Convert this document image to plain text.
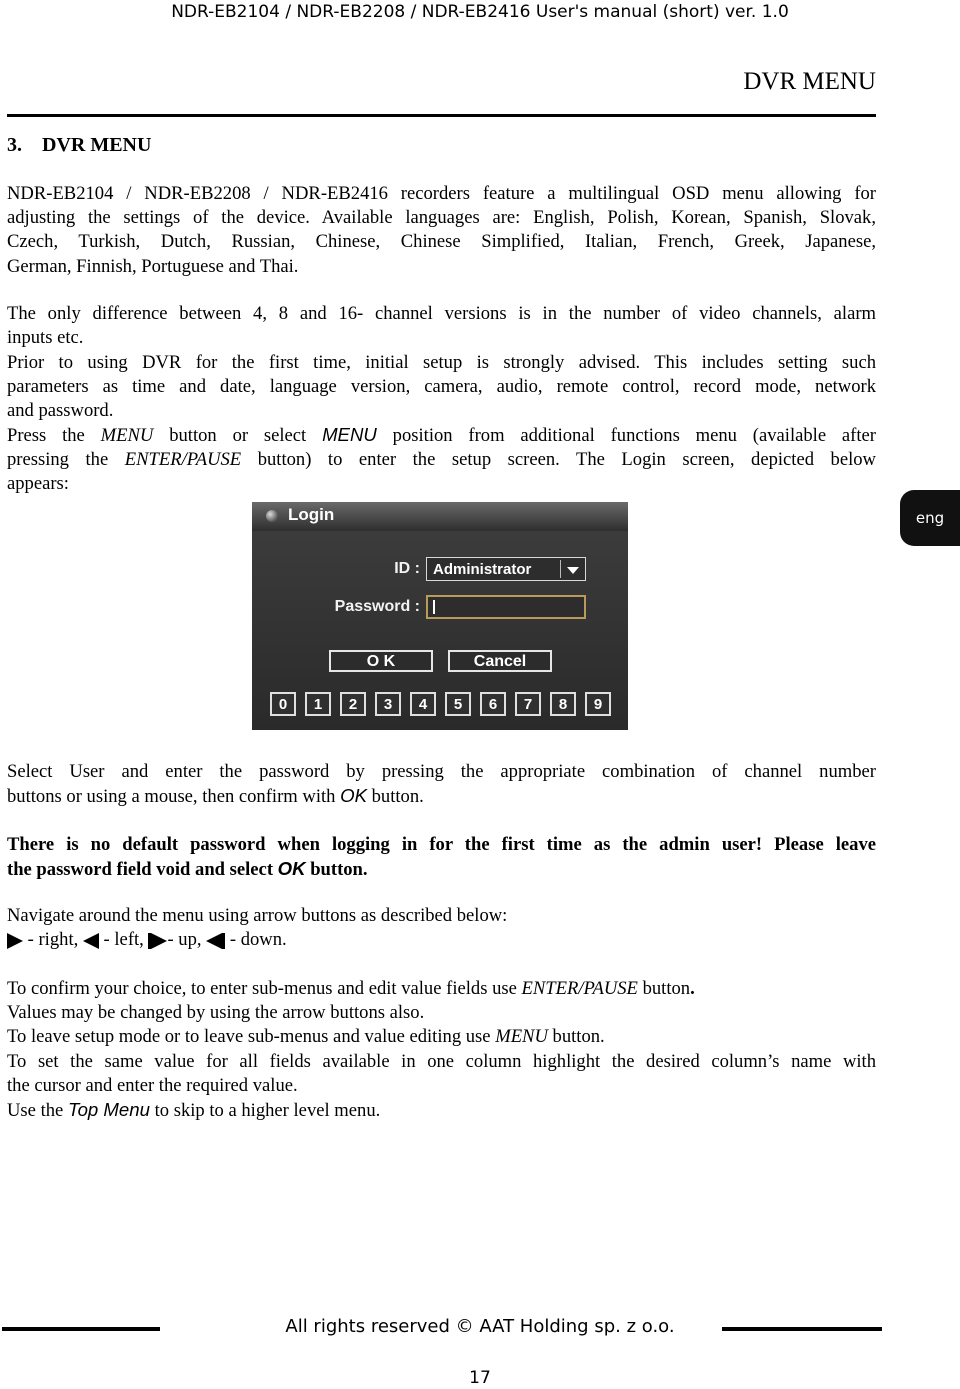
NDR-EB2104 / NDR-EB2208 / NDR-EB2416 User's manual (short) ver. 1.0
DVR MENU
eng
3.    DVR MENU
NDR-EB2104 / NDR-EB2208 / NDR-EB2416 recorders feature a multilingual OSD menu allowing for
adjusting the settings of the device. Available languages are: English, Polish, Korean, Spanish, Slovak,
Czech, Turkish, Dutch, Russian, Chinese, Chinese Simplified, Italian, French, Greek, Japanese,
German, Finnish, Portuguese and Thai.
The only difference between 4, 8 and 16- channel versions is in the number of video channels, alarm
inputs etc.
Prior to using DVR for the first time, initial setup is strongly advised. This includes setting such
parameters as time and date, language version, camera, audio, remote control, record mode, network
and password.
Press the MENU button or select MENU position from additional functions menu (available after
pressing the ENTER/PAUSE button) to enter the setup screen. The Login screen, depicted below
appears:
Login
ID : Administrator
Password :
O K	Cancel
0	1	2	3	4	5	6	7	8	9
Select User and enter the password by pressing the appropriate combination of channel number
buttons or using a mouse, then confirm with OK button.
There is no default password when logging in for the first time as the admin user! Please leave
the password field void and select OK button.
Navigate around the menu using arrow buttons as described below:
- right,  - left, - up,  - down.
To confirm your choice, to enter sub-menus and edit value fields use ENTER/PAUSE button.
Values may be changed by using the arrow buttons also.
To leave setup mode or to leave sub-menus and value editing use MENU button.
To set the same value for all fields available in one column highlight the desired column’s name with
the cursor and enter the required value.
Use the Top Menu to skip to a higher level menu.
All rights reserved © AAT Holding sp. z o.o.
17
